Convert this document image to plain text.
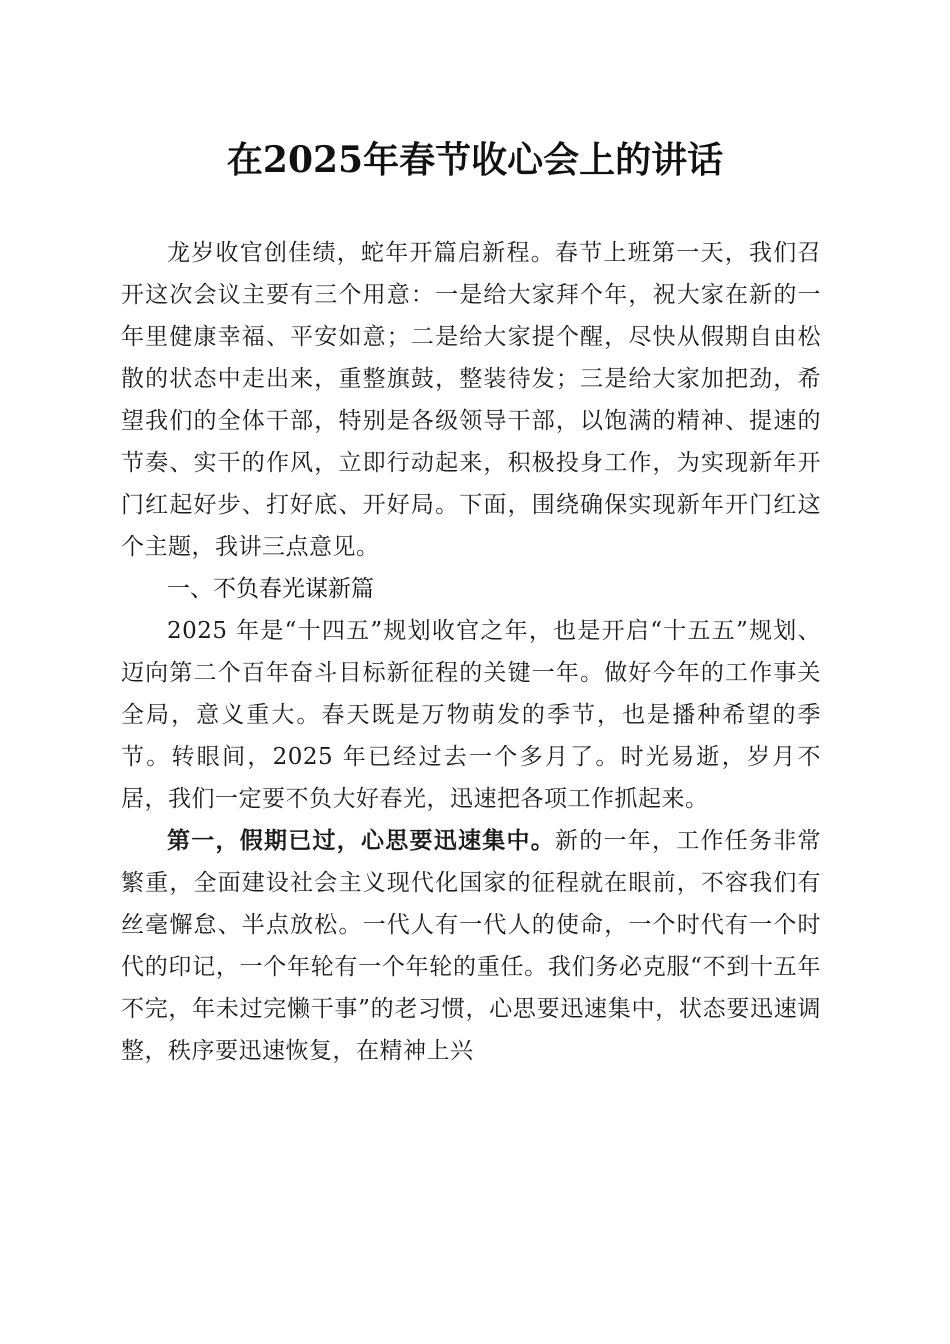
在2025年春节收心会上的讲话

龙岁收官创佳绩，蛇年开篇启新程。春节上班第一天，我们召开这次会议主要有三个用意：一是给大家拜个年，祝大家在新的一年里健康幸福、平安如意；二是给大家提个醒，尽快从假期自由松散的状态中走出来，重整旗鼓，整装待发；三是给大家加把劲，希望我们的全体干部，特别是各级领导干部，以饱满的精神、提速的节奏、实干的作风，立即行动起来，积极投身工作，为实现新年开门红起好步、打好底、开好局。下面，围绕确保实现新年开门红这个主题，我讲三点意见。

一、不负春光谋新篇

2025 年是“十四五”规划收官之年，也是开启“十五五”规划、迈向第二个百年奋斗目标新征程的关键一年。做好今年的工作事关全局，意义重大。春天既是万物萌发的季节，也是播种希望的季节。转眼间，2025 年已经过去一个多月了。时光易逝，岁月不居，我们一定要不负大好春光，迅速把各项工作抓起来。

第一，假期已过，心思要迅速集中。新的一年，工作任务非常繁重，全面建设社会主义现代化国家的征程就在眼前，不容我们有丝毫懈怠、半点放松。一代人有一代人的使命，一个时代有一个时代的印记，一个年轮有一个年轮的重任。我们务必克服“不到十五年不完，年未过完懒干事”的老习惯，心思要迅速集中，状态要迅速调整，秩序要迅速恢复，在精神上兴
